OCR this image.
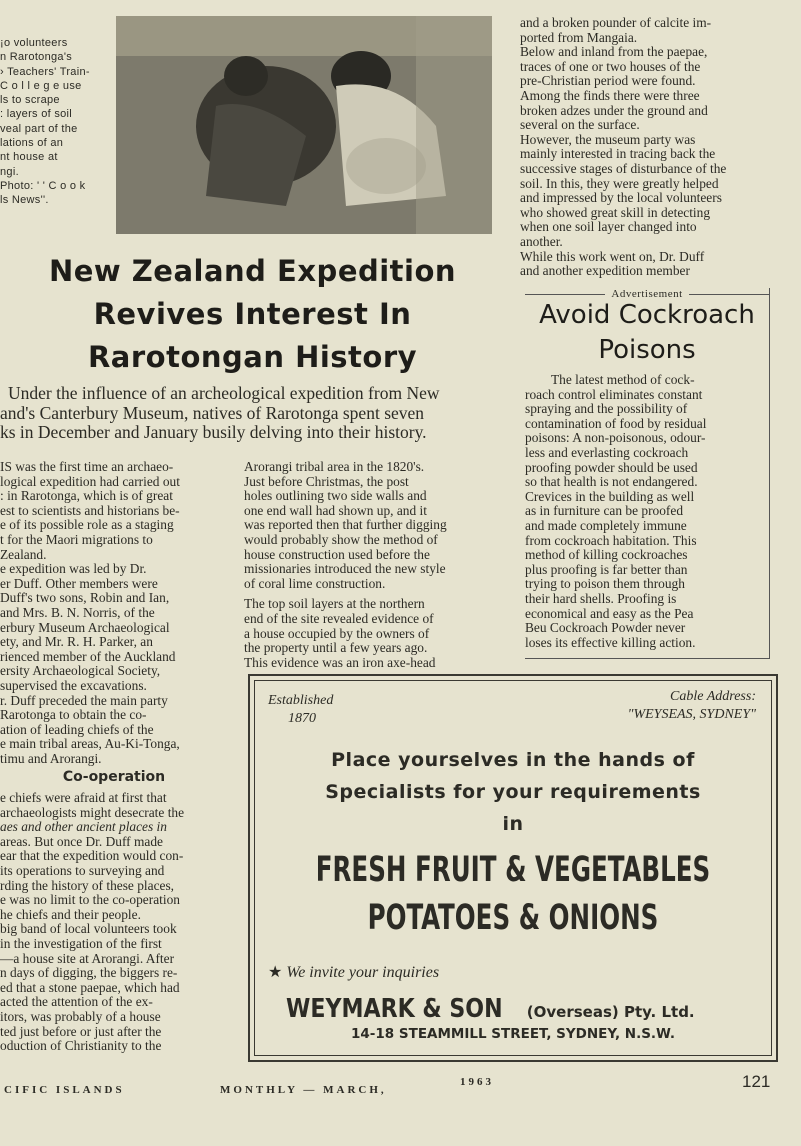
¡o volunteers
n Rarotonga's
› Teachers' Train-
C o l l e g e use
ls to scrape
: layers of soil
veal part of the
lations of an
nt house at
ngi.
Photo: ' ' C o o k
ls News''.
New Zealand Expedition
Revives Interest In
Rarotongan History
Under the influence of an archeological expedition from New
and's Canterbury Museum, natives of Rarotonga spent seven
ks in December and January busily delving into their history.
IS was the first time an archaeo-
logical expedition had carried out
: in Rarotonga, which is of great
est to scientists and historians be-
e of its possible role as a staging
t for the Maori migrations to
Zealand.
e expedition was led by Dr.
er Duff. Other members were
Duff's two sons, Robin and Ian,
and Mrs. B. N. Norris, of the
erbury Museum Archaeological
ety, and Mr. R. H. Parker, an
rienced member of the Auckland
ersity Archaeological Society,
supervised the excavations.
r. Duff preceded the main party
Rarotonga to obtain the co-
ation of leading chiefs of the
e main tribal areas, Au-Ki-Tonga,
timu and Arorangi.
Co-operation
e chiefs were afraid at first that
archaeologists might desecrate the
aes and other ancient places in
areas. But once Dr. Duff made
ear that the expedition would con-
its operations to surveying and
rding the history of these places,
e was no limit to the co-operation
he chiefs and their people.
big band of local volunteers took
in the investigation of the first
—a house site at Arorangi. After
n days of digging, the biggers re-
ed that a stone paepae, which had
acted the attention of the ex-
itors, was probably of a house
ted just before or just after the
oduction of Christianity to the
Arorangi tribal area in the 1820's.
Just before Christmas, the post
holes outlining two side walls and
one end wall had shown up, and it
was reported then that further digging
would probably show the method of
house construction used before the
missionaries introduced the new style
of coral lime construction.
The top soil layers at the northern
end of the site revealed evidence of
a house occupied by the owners of
the property until a few years ago.
This evidence was an iron axe-head
and a broken pounder of calcite im-
ported from Mangaia.
Below and inland from the paepae,
traces of one or two houses of the
pre-Christian period were found.
Among the finds there were three
broken adzes under the ground and
several on the surface.
However, the museum party was
mainly interested in tracing back the
successive stages of disturbance of the
soil. In this, they were greatly helped
and impressed by the local volunteers
who showed great skill in detecting
when one soil layer changed into
another.
While this work went on, Dr. Duff
and another expedition member
Advertisement
Avoid Cockroach
Poisons
The latest method of cock-
roach control eliminates constant
spraying and the possibility of
contamination of food by residual
poisons: A non-poisonous, odour-
less and everlasting cockroach
proofing powder should be used
so that health is not endangered.
Crevices in the building as well
as in furniture can be proofed
and made completely immune
from cockroach habitation. This
method of killing cockroaches
plus proofing is far better than
trying to poison them through
their hard shells. Proofing is
economical and easy as the Pea
Beu Cockroach Powder never
loses its effective killing action.
Established
1870
Cable Address:
"WEYSEAS, SYDNEY"
Place yourselves in the hands of
Specialists for your requirements
in
FRESH FRUIT & VEGETABLES
POTATOES & ONIONS
★ We invite your inquiries
WEYMARK & SON (Overseas) Pty. Ltd.
14-18 STEAMMILL STREET, SYDNEY, N.S.W.
CIFIC ISLANDS	MONTHLY — MARCH,
1963	121
